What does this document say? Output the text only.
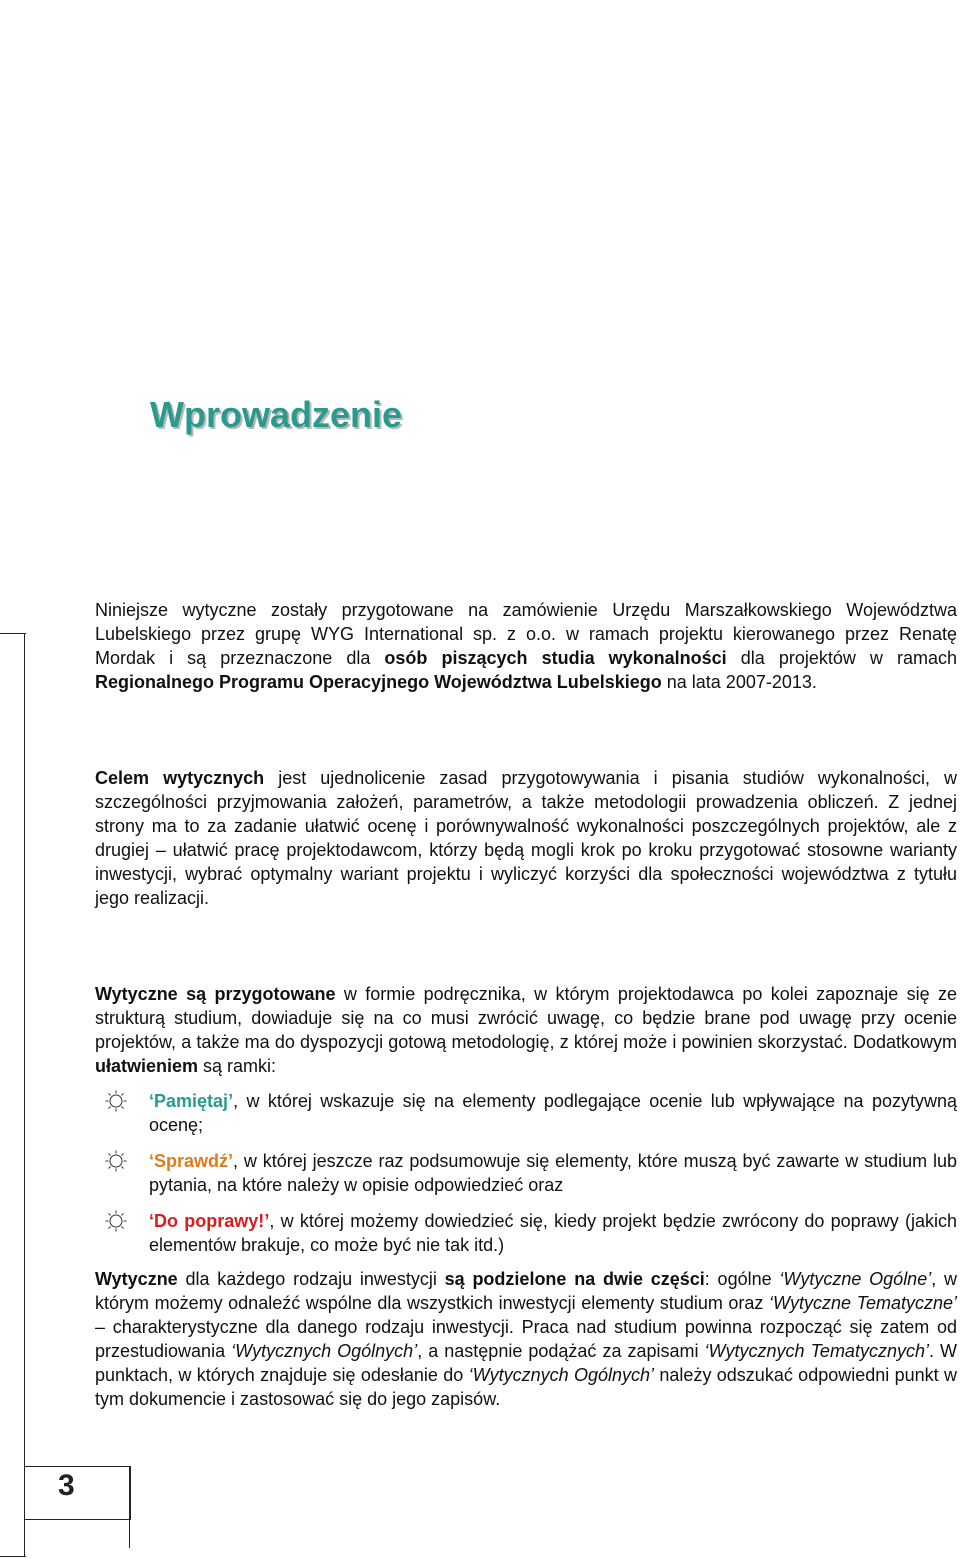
Wprowadzenie

Niniejsze wytyczne zostały przygotowane na zamówienie Urzędu Marszałkowskiego Województwa Lubelskiego przez grupę WYG International sp. z o.o. w ramach projektu kierowanego przez Renatę Mordak i są przeznaczone dla osób piszących studia wykonalności dla projektów w ramach Regionalnego Programu Operacyjnego Województwa Lubelskiego na lata 2007-2013.

Celem wytycznych jest ujednolicenie zasad przygotowywania i pisania studiów wykonalności, w szczególności przyjmowania założeń, parametrów, a także metodologii prowadzenia obliczeń. Z jednej strony ma to za zadanie ułatwić ocenę i porównywalność wykonalności poszczególnych projektów, ale z drugiej – ułatwić pracę projektodawcom, którzy będą mogli krok po kroku przygotować stosowne warianty inwestycji, wybrać optymalny wariant projektu i wyliczyć korzyści dla społeczności województwa z tytułu jego realizacji.

Wytyczne są przygotowane w formie podręcznika, w którym projektodawca po kolei zapoznaje się ze strukturą studium, dowiaduje się na co musi zwrócić uwagę, co będzie brane pod uwagę przy ocenie projektów, a także ma do dyspozycji gotową metodologię, z której może i powinien skorzystać. Dodatkowym ułatwieniem są ramki:

‘Pamiętaj’, w której wskazuje się na elementy podlegające ocenie lub wpływające na pozytywną ocenę;
‘Sprawdź’, w której jeszcze raz podsumowuje się elementy, które muszą być zawarte w studium lub pytania, na które należy w opisie odpowiedzieć oraz
‘Do poprawy!’, w której możemy dowiedzieć się, kiedy projekt będzie zwrócony do poprawy (jakich elementów brakuje, co może być nie tak itd.)

Wytyczne dla każdego rodzaju inwestycji są podzielone na dwie części: ogólne ‘Wytyczne Ogólne’, w którym możemy odnaleźć wspólne dla wszystkich inwestycji elementy studium oraz ‘Wytyczne Tematyczne’ – charakterystyczne dla danego rodzaju inwestycji. Praca nad studium powinna rozpocząć się zatem od przestudiowania ‘Wytycznych Ogólnych’, a następnie podążać za zapisami ‘Wytycznych Tematycznych’. W punktach, w których znajduje się odesłanie do ‘Wytycznych Ogólnych’ należy odszukać odpowiedni punkt w tym dokumencie i zastosować się do jego zapisów.

3
